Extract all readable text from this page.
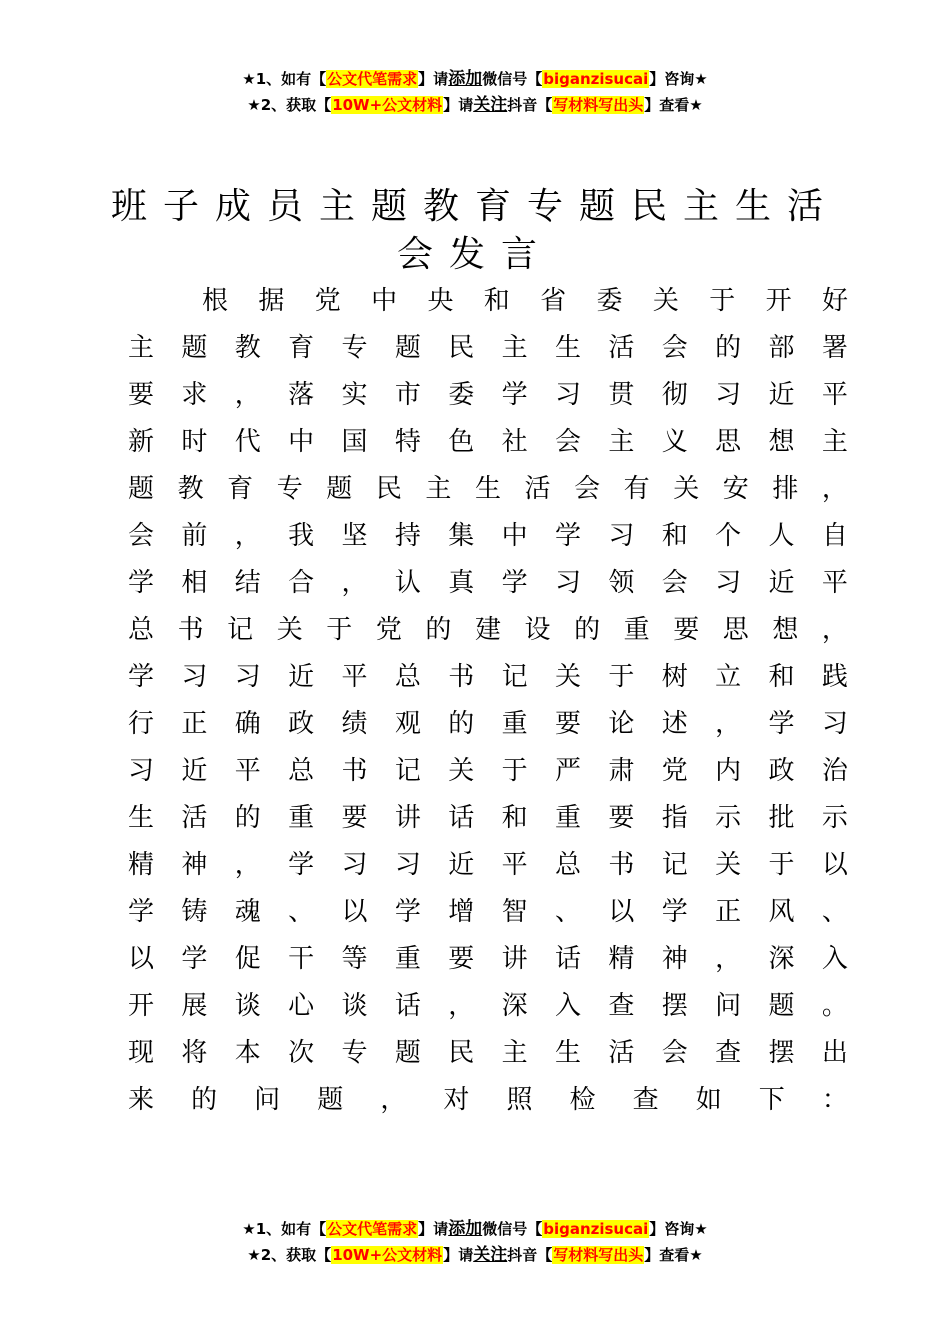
★1、如有【公文代笔需求】请添加微信号【biganzisucai】咨询★
★2、获取【10W+公文材料】请关注抖音【写材料写出头】查看★
班子成员主题教育专题民主生活
会发言
根 据 党 中 央 和 省 委 关 于 开 好
主 题 教 育 专 题 民 主 生 活 会 的 部 署
要 求 ， 落 实 市 委 学 习 贯 彻 习 近 平
新 时 代 中 国 特 色 社 会 主 义 思 想 主
题 教 育 专 题 民 主 生 活 会 有 关 安 排 ，
会 前 ， 我 坚 持 集 中 学 习 和 个 人 自
学 相 结 合 ， 认 真 学 习 领 会 习 近 平
总 书 记 关 于 党 的 建 设 的 重 要 思 想 ，
学 习 习 近 平 总 书 记 关 于 树 立 和 践
行 正 确 政 绩 观 的 重 要 论 述 ， 学 习
习 近 平 总 书 记 关 于 严 肃 党 内 政 治
生 活 的 重 要 讲 话 和 重 要 指 示 批 示
精 神 ， 学 习 习 近 平 总 书 记 关 于 以
学 铸 魂 、 以 学 增 智 、 以 学 正 风 、
以 学 促 干 等 重 要 讲 话 精 神 ， 深 入
开 展 谈 心 谈 话 ， 深 入 查 摆 问 题 。
现 将 本 次 专 题 民 主 生 活 会 查 摆 出
来 的 问 题 ， 对 照 检 查 如 下 ：
★1、如有【公文代笔需求】请添加微信号【biganzisucai】咨询★
★2、获取【10W+公文材料】请关注抖音【写材料写出头】查看★
